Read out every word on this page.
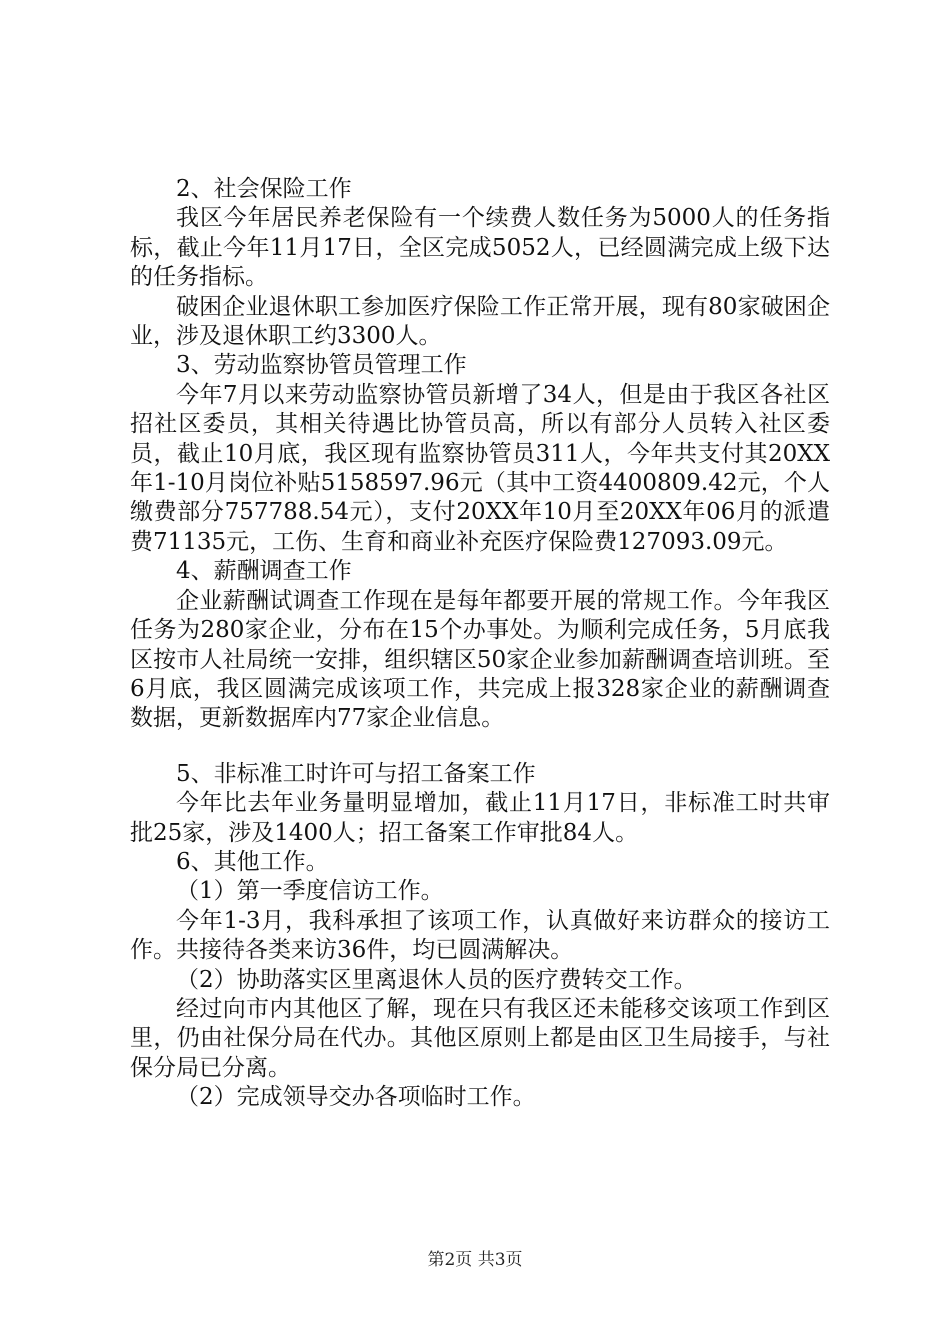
2、社会保险工作

我区今年居民养老保险有一个续费人数任务为5000人的任务指标，截止今年11月17日，全区完成5052人，已经圆满完成上级下达的任务指标。

破困企业退休职工参加医疗保险工作正常开展，现有80家破困企业，涉及退休职工约3300人。

3、劳动监察协管员管理工作

今年7月以来劳动监察协管员新增了34人，但是由于我区各社区招社区委员，其相关待遇比协管员高，所以有部分人员转入社区委员，截止10月底，我区现有监察协管员311人，今年共支付其20XX年1-10月岗位补贴5158597.96元（其中工资4400809.42元，个人缴费部分757788.54元），支付20XX年10月至20XX年06月的派遣费71135元，工伤、生育和商业补充医疗保险费127093.09元。

4、薪酬调查工作

企业薪酬试调查工作现在是每年都要开展的常规工作。今年我区任务为280家企业，分布在15个办事处。为顺利完成任务，5月底我区按市人社局统一安排，组织辖区50家企业参加薪酬调查培训班。至6月底，我区圆满完成该项工作，共完成上报328家企业的薪酬调查数据，更新数据库内77家企业信息。

5、非标准工时许可与招工备案工作

今年比去年业务量明显增加，截止11月17日，非标准工时共审批25家，涉及1400人；招工备案工作审批84人。

6、其他工作。

（1）第一季度信访工作。

今年1-3月，我科承担了该项工作，认真做好来访群众的接访工作。共接待各类来访36件，均已圆满解决。

（2）协助落实区里离退休人员的医疗费转交工作。

经过向市内其他区了解，现在只有我区还未能移交该项工作到区里，仍由社保分局在代办。其他区原则上都是由区卫生局接手，与社保分局已分离。

（2）完成领导交办各项临时工作。

第2页 共3页
